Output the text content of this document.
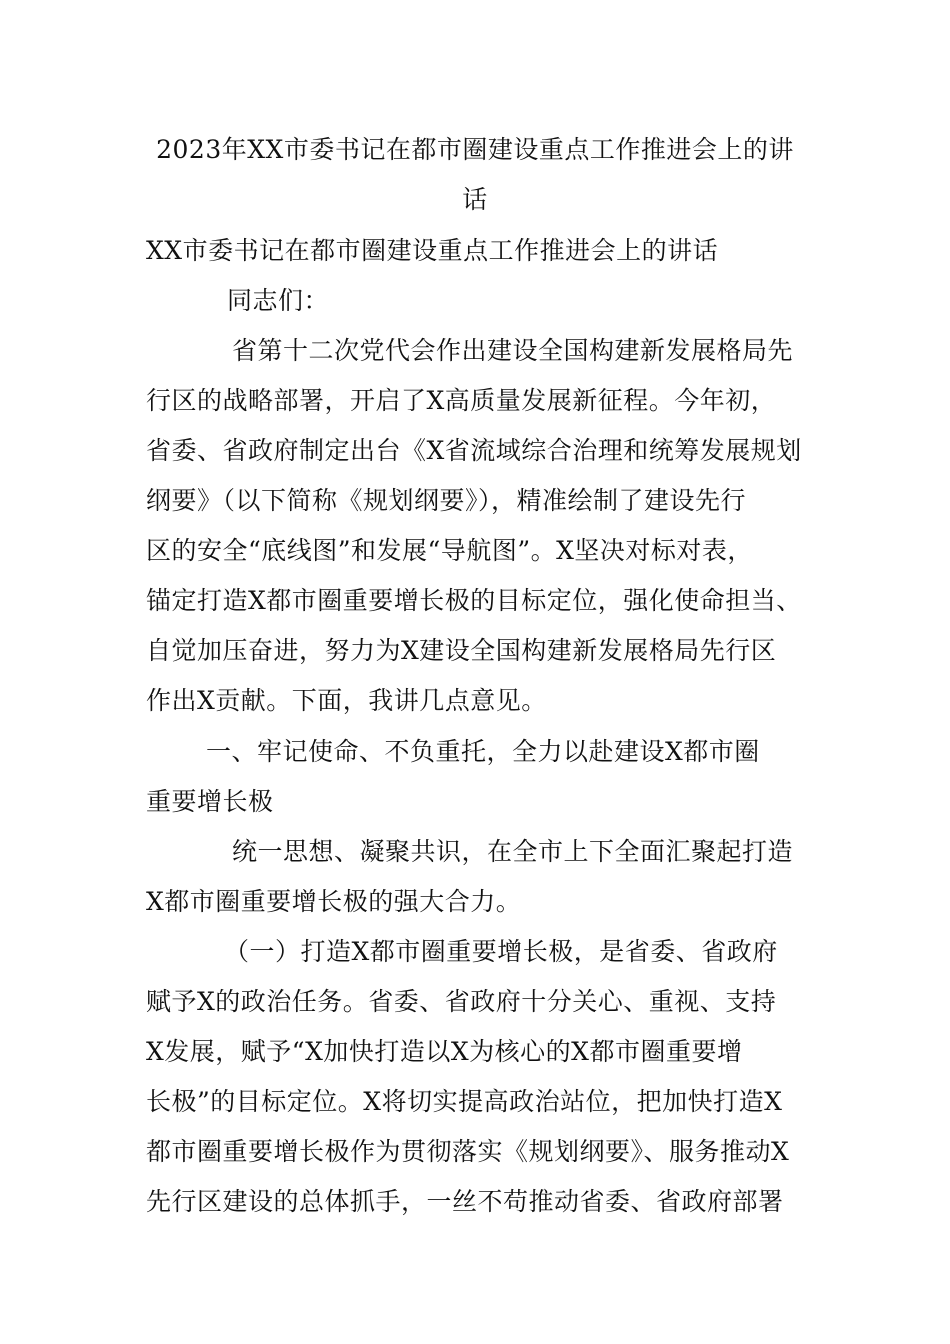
2023年XX市委书记在都市圈建设重点工作推进会上的讲
话
XX市委书记在都市圈建设重点工作推进会上的讲话
同志们：
省第十二次党代会作出建设全国构建新发展格局先
行区的战略部署，开启了X高质量发展新征程。今年初，
省委、省政府制定出台《X省流域综合治理和统筹发展规划
纲要》（以下简称《规划纲要》），精准绘制了建设先行
区的安全“底线图”和发展“导航图”。X坚决对标对表，
锚定打造X都市圈重要增长极的目标定位，强化使命担当、
自觉加压奋进，努力为X建设全国构建新发展格局先行区
作出X贡献。下面，我讲几点意见。
一、牢记使命、不负重托，全力以赴建设X都市圈
重要增长极
统一思想、凝聚共识，在全市上下全面汇聚起打造
X都市圈重要增长极的强大合力。
（一）打造X都市圈重要增长极，是省委、省政府
赋予X的政治任务。省委、省政府十分关心、重视、支持
X发展，赋予“X加快打造以X为核心的X都市圈重要增
长极”的目标定位。X将切实提高政治站位，把加快打造X
都市圈重要增长极作为贯彻落实《规划纲要》、服务推动X
先行区建设的总体抓手，一丝不苟推动省委、省政府部署
